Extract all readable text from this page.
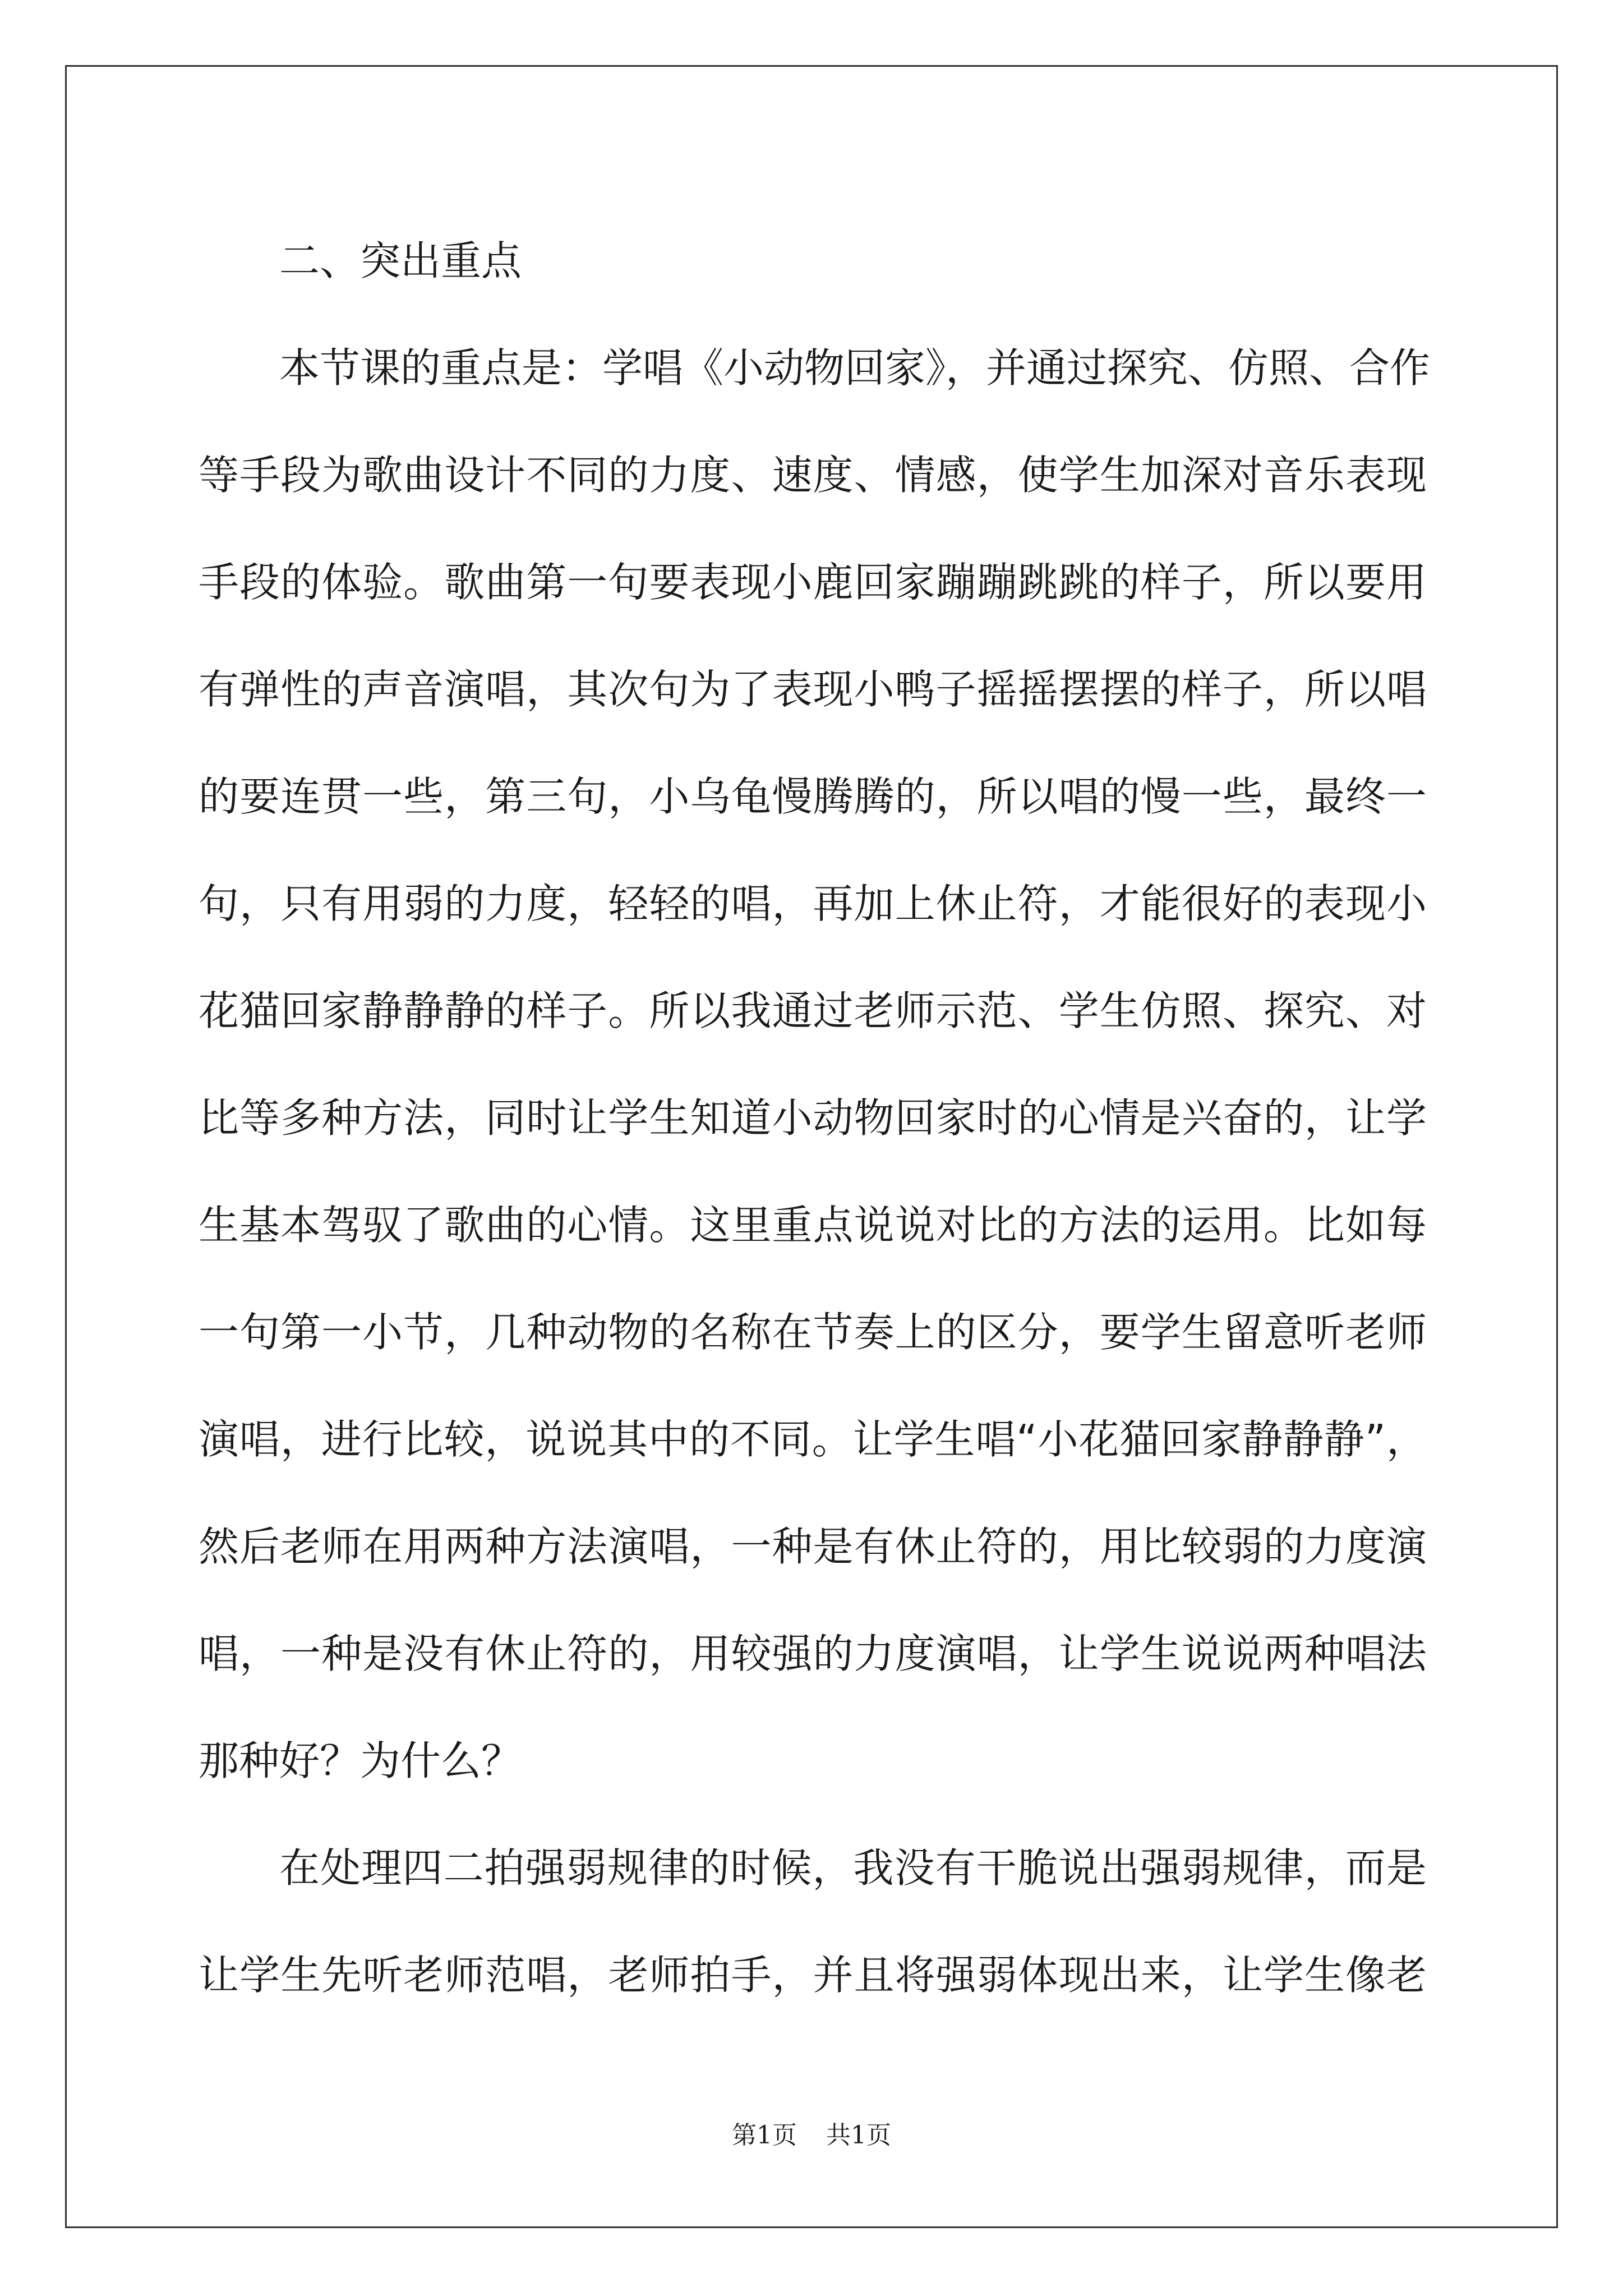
二、突出重点
本节课的重点是：学唱《小动物回家》，并通过探究、仿照、合作
等手段为歌曲设计不同的力度、速度、情感，使学生加深对音乐表现
手段的体验。歌曲第一句要表现小鹿回家蹦蹦跳跳的样子，所以要用
有弹性的声音演唱，其次句为了表现小鸭子摇摇摆摆的样子，所以唱
的要连贯一些，第三句，小乌龟慢腾腾的，所以唱的慢一些，最终一
句，只有用弱的力度，轻轻的唱，再加上休止符，才能很好的表现小
花猫回家静静静的样子。所以我通过老师示范、学生仿照、探究、对
比等多种方法，同时让学生知道小动物回家时的心情是兴奋的，让学
生基本驾驭了歌曲的心情。这里重点说说对比的方法的运用。比如每
一句第一小节，几种动物的名称在节奏上的区分，要学生留意听老师
演唱，进行比较，说说其中的不同。让学生唱“小花猫回家静静静”，
然后老师在用两种方法演唱，一种是有休止符的，用比较弱的力度演
唱，一种是没有休止符的，用较强的力度演唱，让学生说说两种唱法
那种好？为什么？
在处理四二拍强弱规律的时候，我没有干脆说出强弱规律，而是
让学生先听老师范唱，老师拍手，并且将强弱体现出来，让学生像老
第1页 共1页
